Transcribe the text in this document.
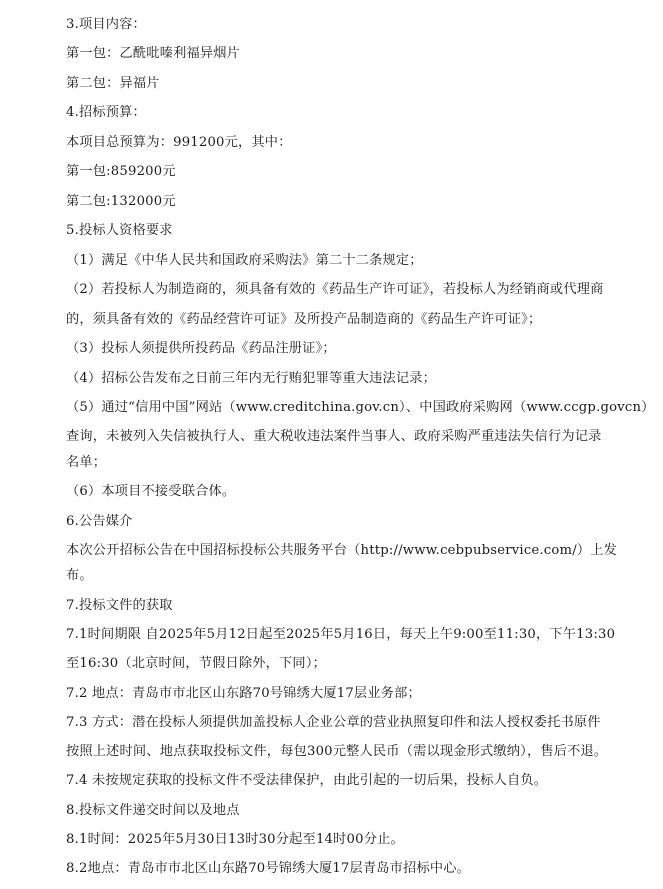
3.项目内容：
第一包：乙酰吡嗪利福异烟片
第二包：异福片
4.招标预算：
本项目总预算为：991200元，其中：
第一包:859200元
第二包:132000元
5.投标人资格要求
（1）满足《中华人民共和国政府采购法》第二十二条规定；
（2）若投标人为制造商的，须具备有效的《药品生产许可证》，若投标人为经销商或代理商
的，须具备有效的《药品经营许可证》及所投产品制造商的《药品生产许可证》；
（3）投标人须提供所投药品《药品注册证》；
（4）招标公告发布之日前三年内无行贿犯罪等重大违法记录；
（5）通过“信用中国”网站（www.creditchina.gov.cn）、中国政府采购网（www.ccgp.govcn）
查询，未被列入失信被执行人、重大税收违法案件当事人、政府采购严重违法失信行为记录
名单；
（6）本项目不接受联合体。
6.公告媒介
本次公开招标公告在中国招标投标公共服务平台（http://www.cebpubservice.com/）上发
布。
7.投标文件的获取
7.1时间期限 自2025年5月12日起至2025年5月16日，每天上午9:00至11:30，下午13:30
至16:30（北京时间，节假日除外，下同）；
7.2 地点：青岛市市北区山东路70号锦绣大厦17层业务部；
7.3 方式：潜在投标人须提供加盖投标人企业公章的营业执照复印件和法人授权委托书原件
按照上述时间、地点获取投标文件，每包300元整人民币（需以现金形式缴纳），售后不退。
7.4 未按规定获取的投标文件不受法律保护，由此引起的一切后果，投标人自负。
8.投标文件递交时间以及地点
8.1时间：2025年5月30日13时30分起至14时00分止。
8.2地点：青岛市市北区山东路70号锦绣大厦17层青岛市招标中心。
